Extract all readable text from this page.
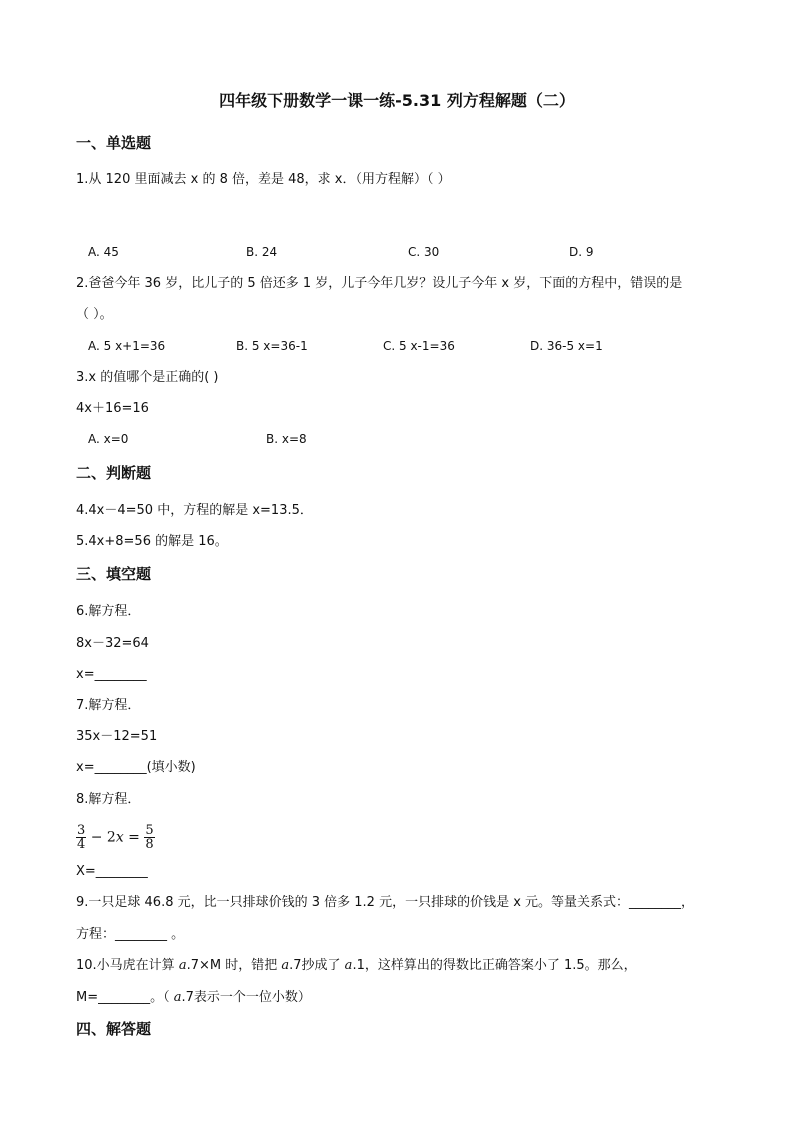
四年级下册数学一课一练-5.31 列方程解题（二）
一、单选题
1.从 120 里面减去 x 的 8 倍，差是 48，求 x．（用方程解）（ ）
A. 45	B. 24	C. 30	D. 9
2.爸爸今年 36 岁，比儿子的 5 倍还多 1 岁，儿子今年几岁？设儿子今年 x 岁，下面的方程中，错误的是
（ ）。
A. 5 x+1=36	B. 5 x=36-1	C. 5 x-1=36	D. 36-5 x=1
3.x 的值哪个是正确的( )
4x＋16=16
A. x=0	B. x=8
二、判断题
4.4x－4=50 中，方程的解是 x=13.5．
5.4x+8=56 的解是 16。
三、填空题
6.解方程．
8x－32=64
x=________
7.解方程．
35x－12=51
x=________(填小数)
8.解方程．
$\frac{3}{4} - 2x = \frac{5}{8}$
X=________
9.一只足球 46.8 元，比一只排球价钱的 3 倍多 1.2 元，一只排球的价钱是 x 元。等量关系式：________，
方程：________ 。
10.小马虎在计算 a.7×M 时，错把 a.7抄成了 a.1，这样算出的得数比正确答案小了 1.5。那么，
M=________。（ a.7表示一个一位小数）
四、解答题
